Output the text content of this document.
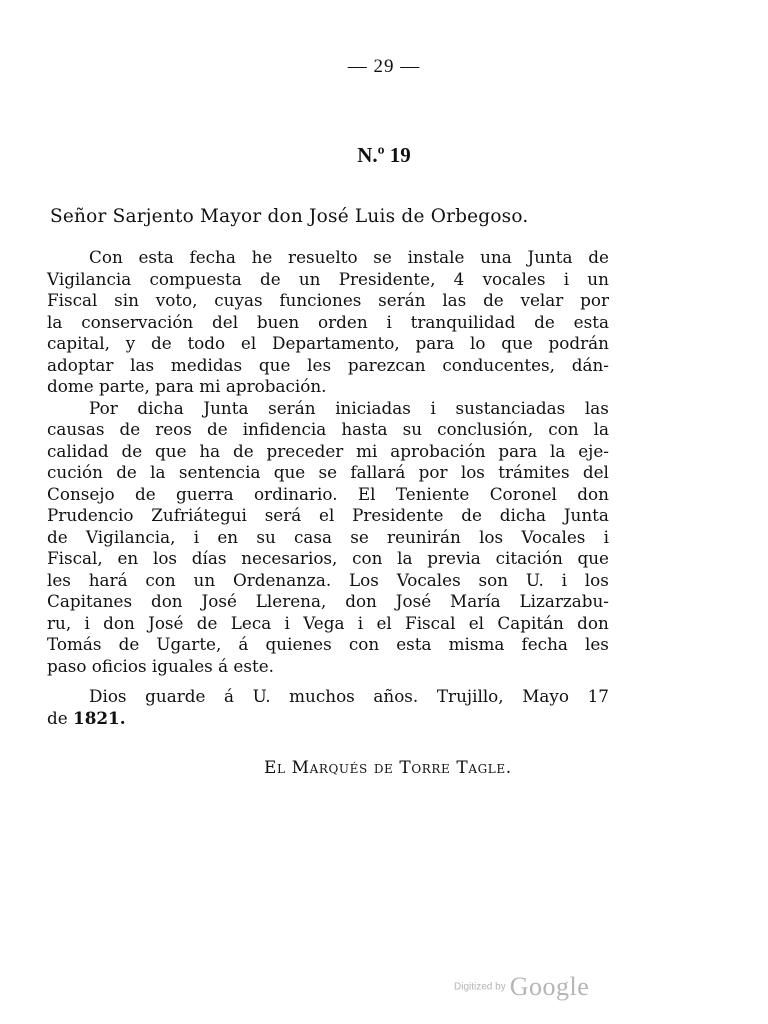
— 29 —
N.º 19
Señor Sarjento Mayor don José Luis de Orbegoso.
Con esta fecha he resuelto se instale una Junta de
Vigilancia compuesta de un Presidente, 4 vocales i un
Fiscal sin voto, cuyas funciones serán las de velar por
la conservación del buen orden i tranquilidad de esta
capital, y de todo el Departamento, para lo que podrán
adoptar las medidas que les parezcan conducentes, dán-
dome parte, para mi aprobación.
Por dicha Junta serán iniciadas i sustanciadas las
causas de reos de infidencia hasta su conclusión, con la
calidad de que ha de preceder mi aprobación para la eje-
cución de la sentencia que se fallará por los trámites del
Consejo de guerra ordinario. El Teniente Coronel don
Prudencio Zufriátegui será el Presidente de dicha Junta
de Vigilancia, i en su casa se reunirán los Vocales i
Fiscal, en los días necesarios, con la previa citación que
les hará con un Ordenanza. Los Vocales son U. i los
Capitanes don José Llerena, don José María Lizarzabu-
ru, i don José de Leca i Vega i el Fiscal el Capitán don
Tomás de Ugarte, á quienes con esta misma fecha les
paso oficios iguales á este.
Dios guarde á U. muchos años. Trujillo, Mayo 17
de
1821.
El Marqués de Torre Tagle.
Digitized by Google
